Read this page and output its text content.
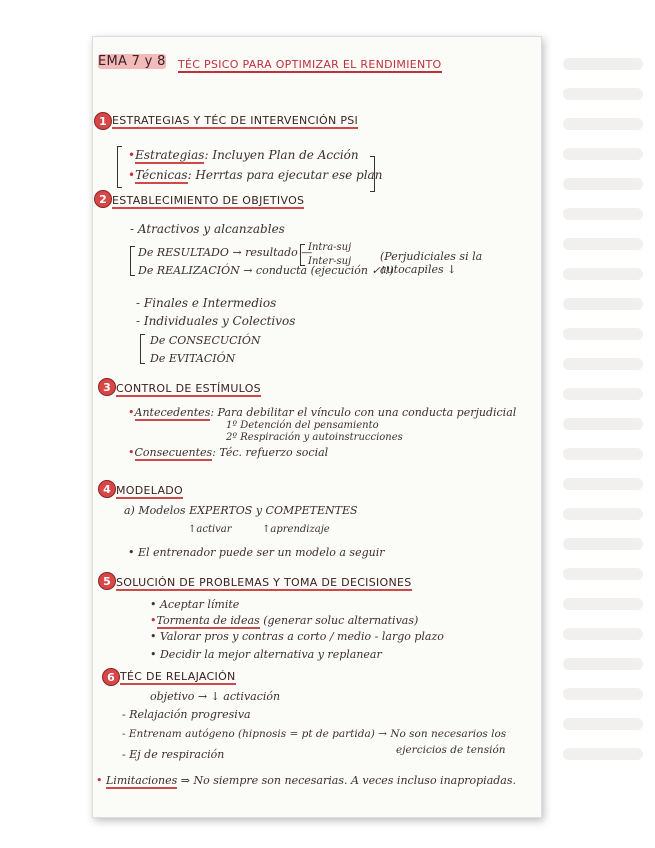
EMA 7 y 8 TÉC PSICO PARA OPTIMIZAR EL RENDIMIENTO
1 ESTRATEGIAS Y TÉC DE INTERVENCIÓN PSI
•Estrategias: Incluyen Plan de Acción
•Técnicas: Herrtas para ejecutar ese plan
2 ESTABLECIMIENTO DE OBJETIVOS
- Atractivos y alcanzables
De RESULTADO → resultado —
De REALIZACIÓN → conducta (ejecución ✓!!)
Intra-suj
Inter-suj	(Perjudiciales si la autocapiles ↓
- Finales e Intermedios
- Individuales y Colectivos
De CONSECUCIÓN
De EVITACIÓN
3 CONTROL DE ESTÍMULOS
•Antecedentes: Para debilitar el vínculo con una conducta perjudicial
1º Detención del pensamiento
2º Respiración y autoinstrucciones
•Consecuentes: Téc. refuerzo social
4 MODELADO
a) Modelos EXPERTOS y COMPETENTES
↑activar	↑aprendizaje
• El entrenador puede ser un modelo a seguir
5 SOLUCIÓN DE PROBLEMAS Y TOMA DE DECISIONES
• Aceptar límite
•Tormenta de ideas (generar soluc alternativas)
• Valorar pros y contras a corto / medio - largo plazo
• Decidir la mejor alternativa y replanear
6 TÉC DE RELAJACIÓN
objetivo → ↓ activación
- Relajación progresiva
- Entrenam autógeno (hipnosis = pt de partida) → No son necesarios los
ejercicios de tensión
- Ej de respiración
• Limitaciones ⇒ No siempre son necesarias. A veces incluso inapropiadas.
